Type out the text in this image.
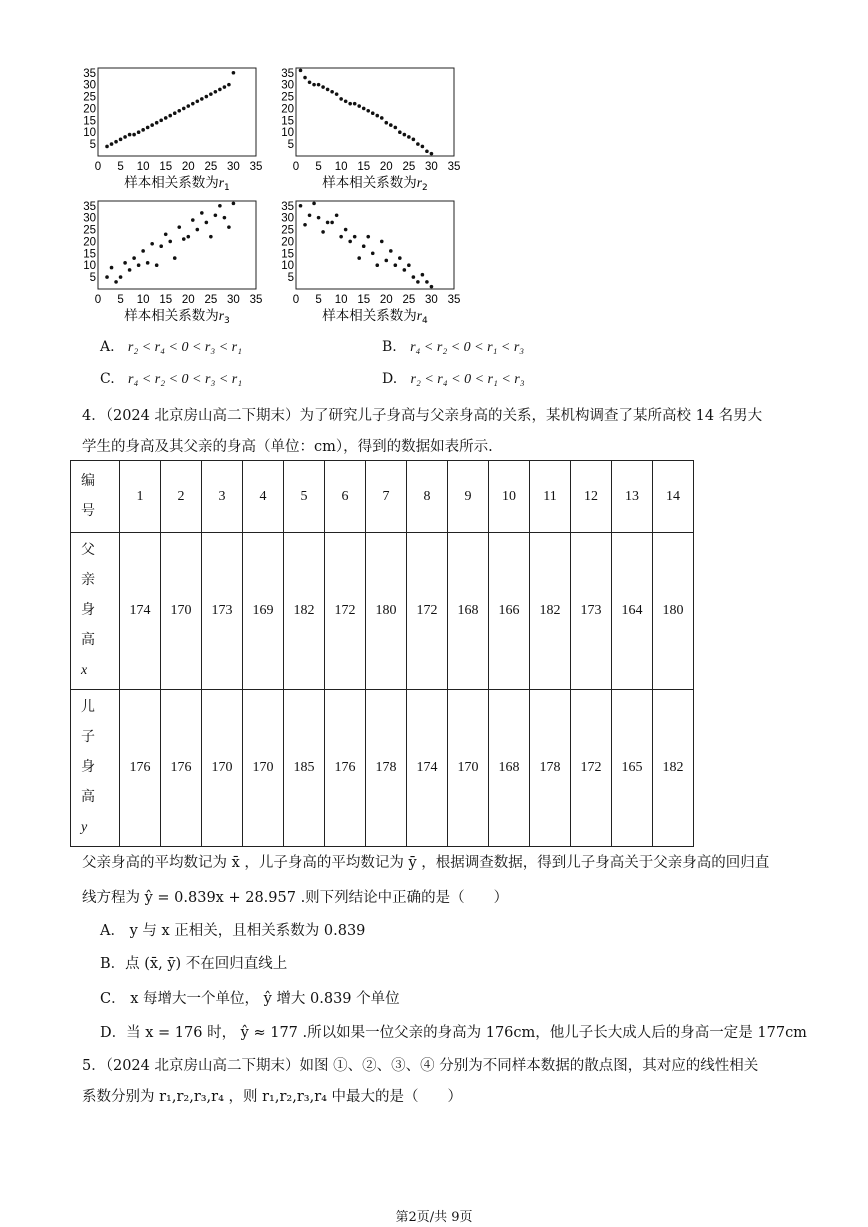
35
30
25
20
15
10
5
0 5 10 15 20 25 30 35
样本相关系数为$r_1$
35
30
25
20
15
10
5
0 5 10 15 20 25 30 35
样本相关系数为$r_2$
35
30
25
20
15
10
5
0 5 10 15 20 25 30 35
样本相关系数为$r_3$
35
30
25
20
15
10
5
0 5 10 15 20 25 30 35
样本相关系数为$r_4$
A. r₂ < r₄ < 0 < r₃ < r₁	B. r₄ < r₂ < 0 < r₁ < r₃
C. r₄ < r₂ < 0 < r₃ < r₁	D. r₂ < r₄ < 0 < r₁ < r₃
4．（2024 北京房山高二下期末）为了研究儿子身高与父亲身高的关系，某机构调查了某所高校 14 名男大
学生的身高及其父亲的身高（单位：cm），得到的数据如表所示.
编
号	1	2	3	4	5	6	7	8	9	10	11	12	13	14

父
亲
身
高
x	174	170	173	169	182	172	180	172	168	166	182	173	164	180

儿
子
身
高
y	176	176	170	170	185	176	178	174	170	168	178	172	165	182
父亲身高的平均数记为 x̄ ，儿子身高的平均数记为 ȳ ，根据调查数据，得到儿子身高关于父亲身高的回归直
线方程为 ŷ = 0.839x + 28.957 .则下列结论中正确的是（　　）
A． y 与 x 正相关，且相关系数为 0.839
B．点 (x̄, ȳ) 不在回归直线上
C． x 每增大一个单位， ŷ 增大 0.839 个单位
D．当 x = 176 时， ŷ ≈ 177 .所以如果一位父亲的身高为 176cm，他儿子长大成人后的身高一定是 177cm
5．（2024 北京房山高二下期末）如图 ①、②、③、④ 分别为不同样本数据的散点图，其对应的线性相关
系数分别为 r₁,r₂,r₃,r₄ ，则 r₁,r₂,r₃,r₄ 中最大的是（　　）
第2页/共 9页
